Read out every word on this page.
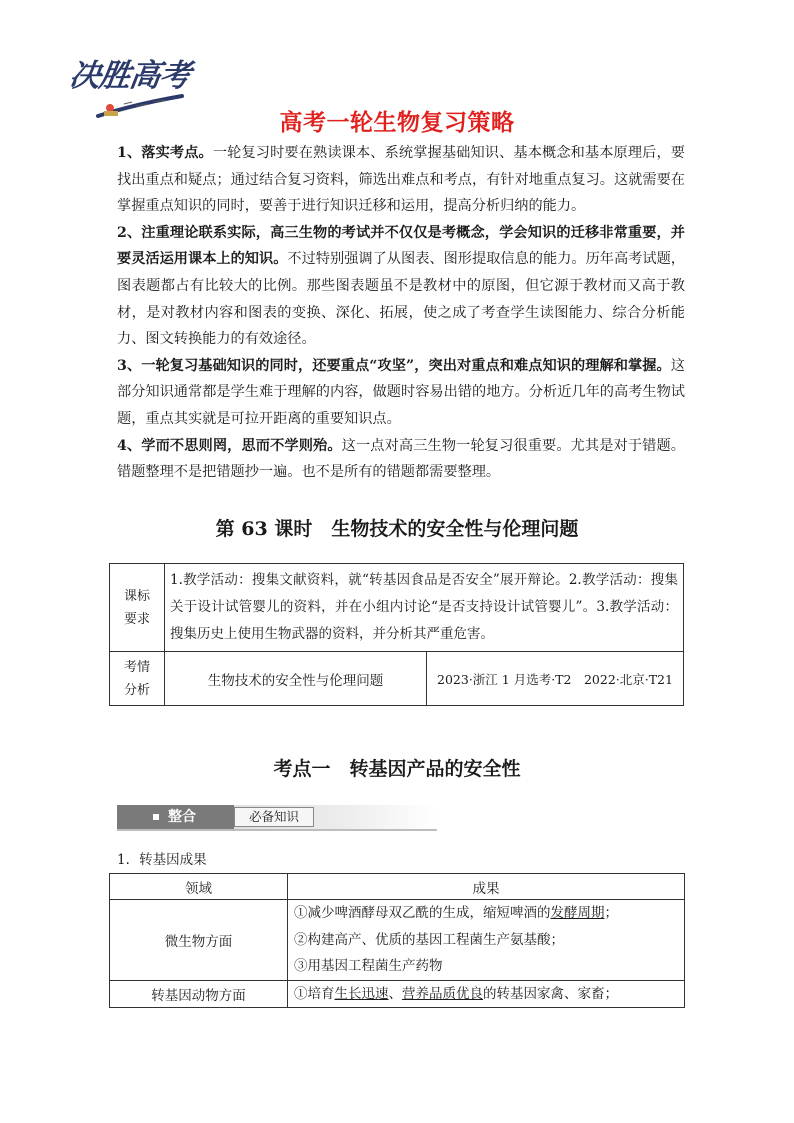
决胜高考
高考一轮生物复习策略

1、落实考点。一轮复习时要在熟读课本、系统掌握基础知识、基本概念和基本原理后，要找出重点和疑点；通过结合复习资料，筛选出难点和考点，有针对地重点复习。这就需要在掌握重点知识的同时，要善于进行知识迁移和运用，提高分析归纳的能力。

2、注重理论联系实际，高三生物的考试并不仅仅是考概念，学会知识的迁移非常重要，并要灵活运用课本上的知识。不过特别强调了从图表、图形提取信息的能力。历年高考试题，图表题都占有比较大的比例。那些图表题虽不是教材中的原图，但它源于教材而又高于教材，是对教材内容和图表的变换、深化、拓展，使之成了考查学生读图能力、综合分析能力、图文转换能力的有效途径。

3、一轮复习基础知识的同时，还要重点“攻坚”，突出对重点和难点知识的理解和掌握。这部分知识通常都是学生难于理解的内容，做题时容易出错的地方。分析近几年的高考生物试题，重点其实就是可拉开距离的重要知识点。

4、学而不思则罔，思而不学则殆。这一点对高三生物一轮复习很重要。尤其是对于错题。错题整理不是把错题抄一遍。也不是所有的错题都需要整理。

第 63 课时　生物技术的安全性与伦理问题
课标
要求	1.教学活动：搜集文献资料，就“转基因食品是否安全”展开辩论。2.教学活动：搜集关于设计试管婴儿的资料，并在小组内讨论“是否支持设计试管婴儿”。3.教学活动：搜集历史上使用生物武器的资料，并分析其严重危害。	
考情
分析	生物技术的安全性与伦理问题	2023·浙江 1 月选考·T2　2022·北京·T21
考点一　转基因产品的安全性
整合	必备知识
1．转基因成果
领域	成果
微生物方面	①减少啤酒酵母双乙酰的生成，缩短啤酒的发酵周期；
②构建高产、优质的基因工程菌生产氨基酸；
③用基因工程菌生产药物

转基因动物方面	①培育生长迅速、营养品质优良的转基因家禽、家畜；
